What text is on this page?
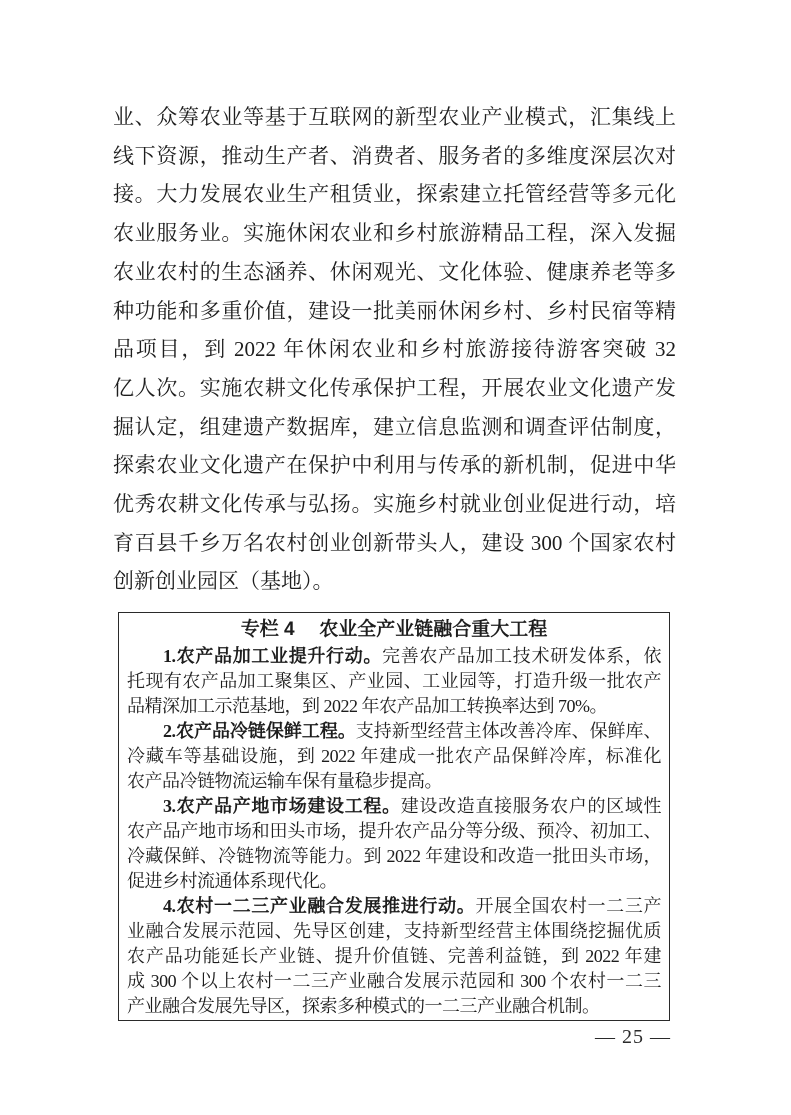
业、众筹农业等基于互联网的新型农业产业模式，汇集线上
线下资源，推动生产者、消费者、服务者的多维度深层次对
接。大力发展农业生产租赁业，探索建立托管经营等多元化
农业服务业。实施休闲农业和乡村旅游精品工程，深入发掘
农业农村的生态涵养、休闲观光、文化体验、健康养老等多
种功能和多重价值，建设一批美丽休闲乡村、乡村民宿等精
品项目，到 2022 年休闲农业和乡村旅游接待游客突破 32
亿人次。实施农耕文化传承保护工程，开展农业文化遗产发
掘认定，组建遗产数据库，建立信息监测和调查评估制度，
探索农业文化遗产在保护中利用与传承的新机制，促进中华
优秀农耕文化传承与弘扬。实施乡村就业创业促进行动，培
育百县千乡万名农村创业创新带头人，建设 300 个国家农村
创新创业园区（基地）。
专栏 4 农业全产业链融合重大工程
1.农产品加工业提升行动。完善农产品加工技术研发体系，依
托现有农产品加工聚集区、产业园、工业园等，打造升级一批农产
品精深加工示范基地，到 2022 年农产品加工转换率达到 70%。
2.农产品冷链保鲜工程。支持新型经营主体改善冷库、保鲜库、
冷藏车等基础设施，到 2022 年建成一批农产品保鲜冷库，标准化
农产品冷链物流运输车保有量稳步提高。
3.农产品产地市场建设工程。建设改造直接服务农户的区域性
农产品产地市场和田头市场，提升农产品分等分级、预冷、初加工、
冷藏保鲜、冷链物流等能力。到 2022 年建设和改造一批田头市场，
促进乡村流通体系现代化。
4.农村一二三产业融合发展推进行动。开展全国农村一二三产
业融合发展示范园、先导区创建，支持新型经营主体围绕挖掘优质
农产品功能延长产业链、提升价值链、完善利益链，到 2022 年建
成 300 个以上农村一二三产业融合发展示范园和 300 个农村一二三
产业融合发展先导区，探索多种模式的一二三产业融合机制。
— 25 —
